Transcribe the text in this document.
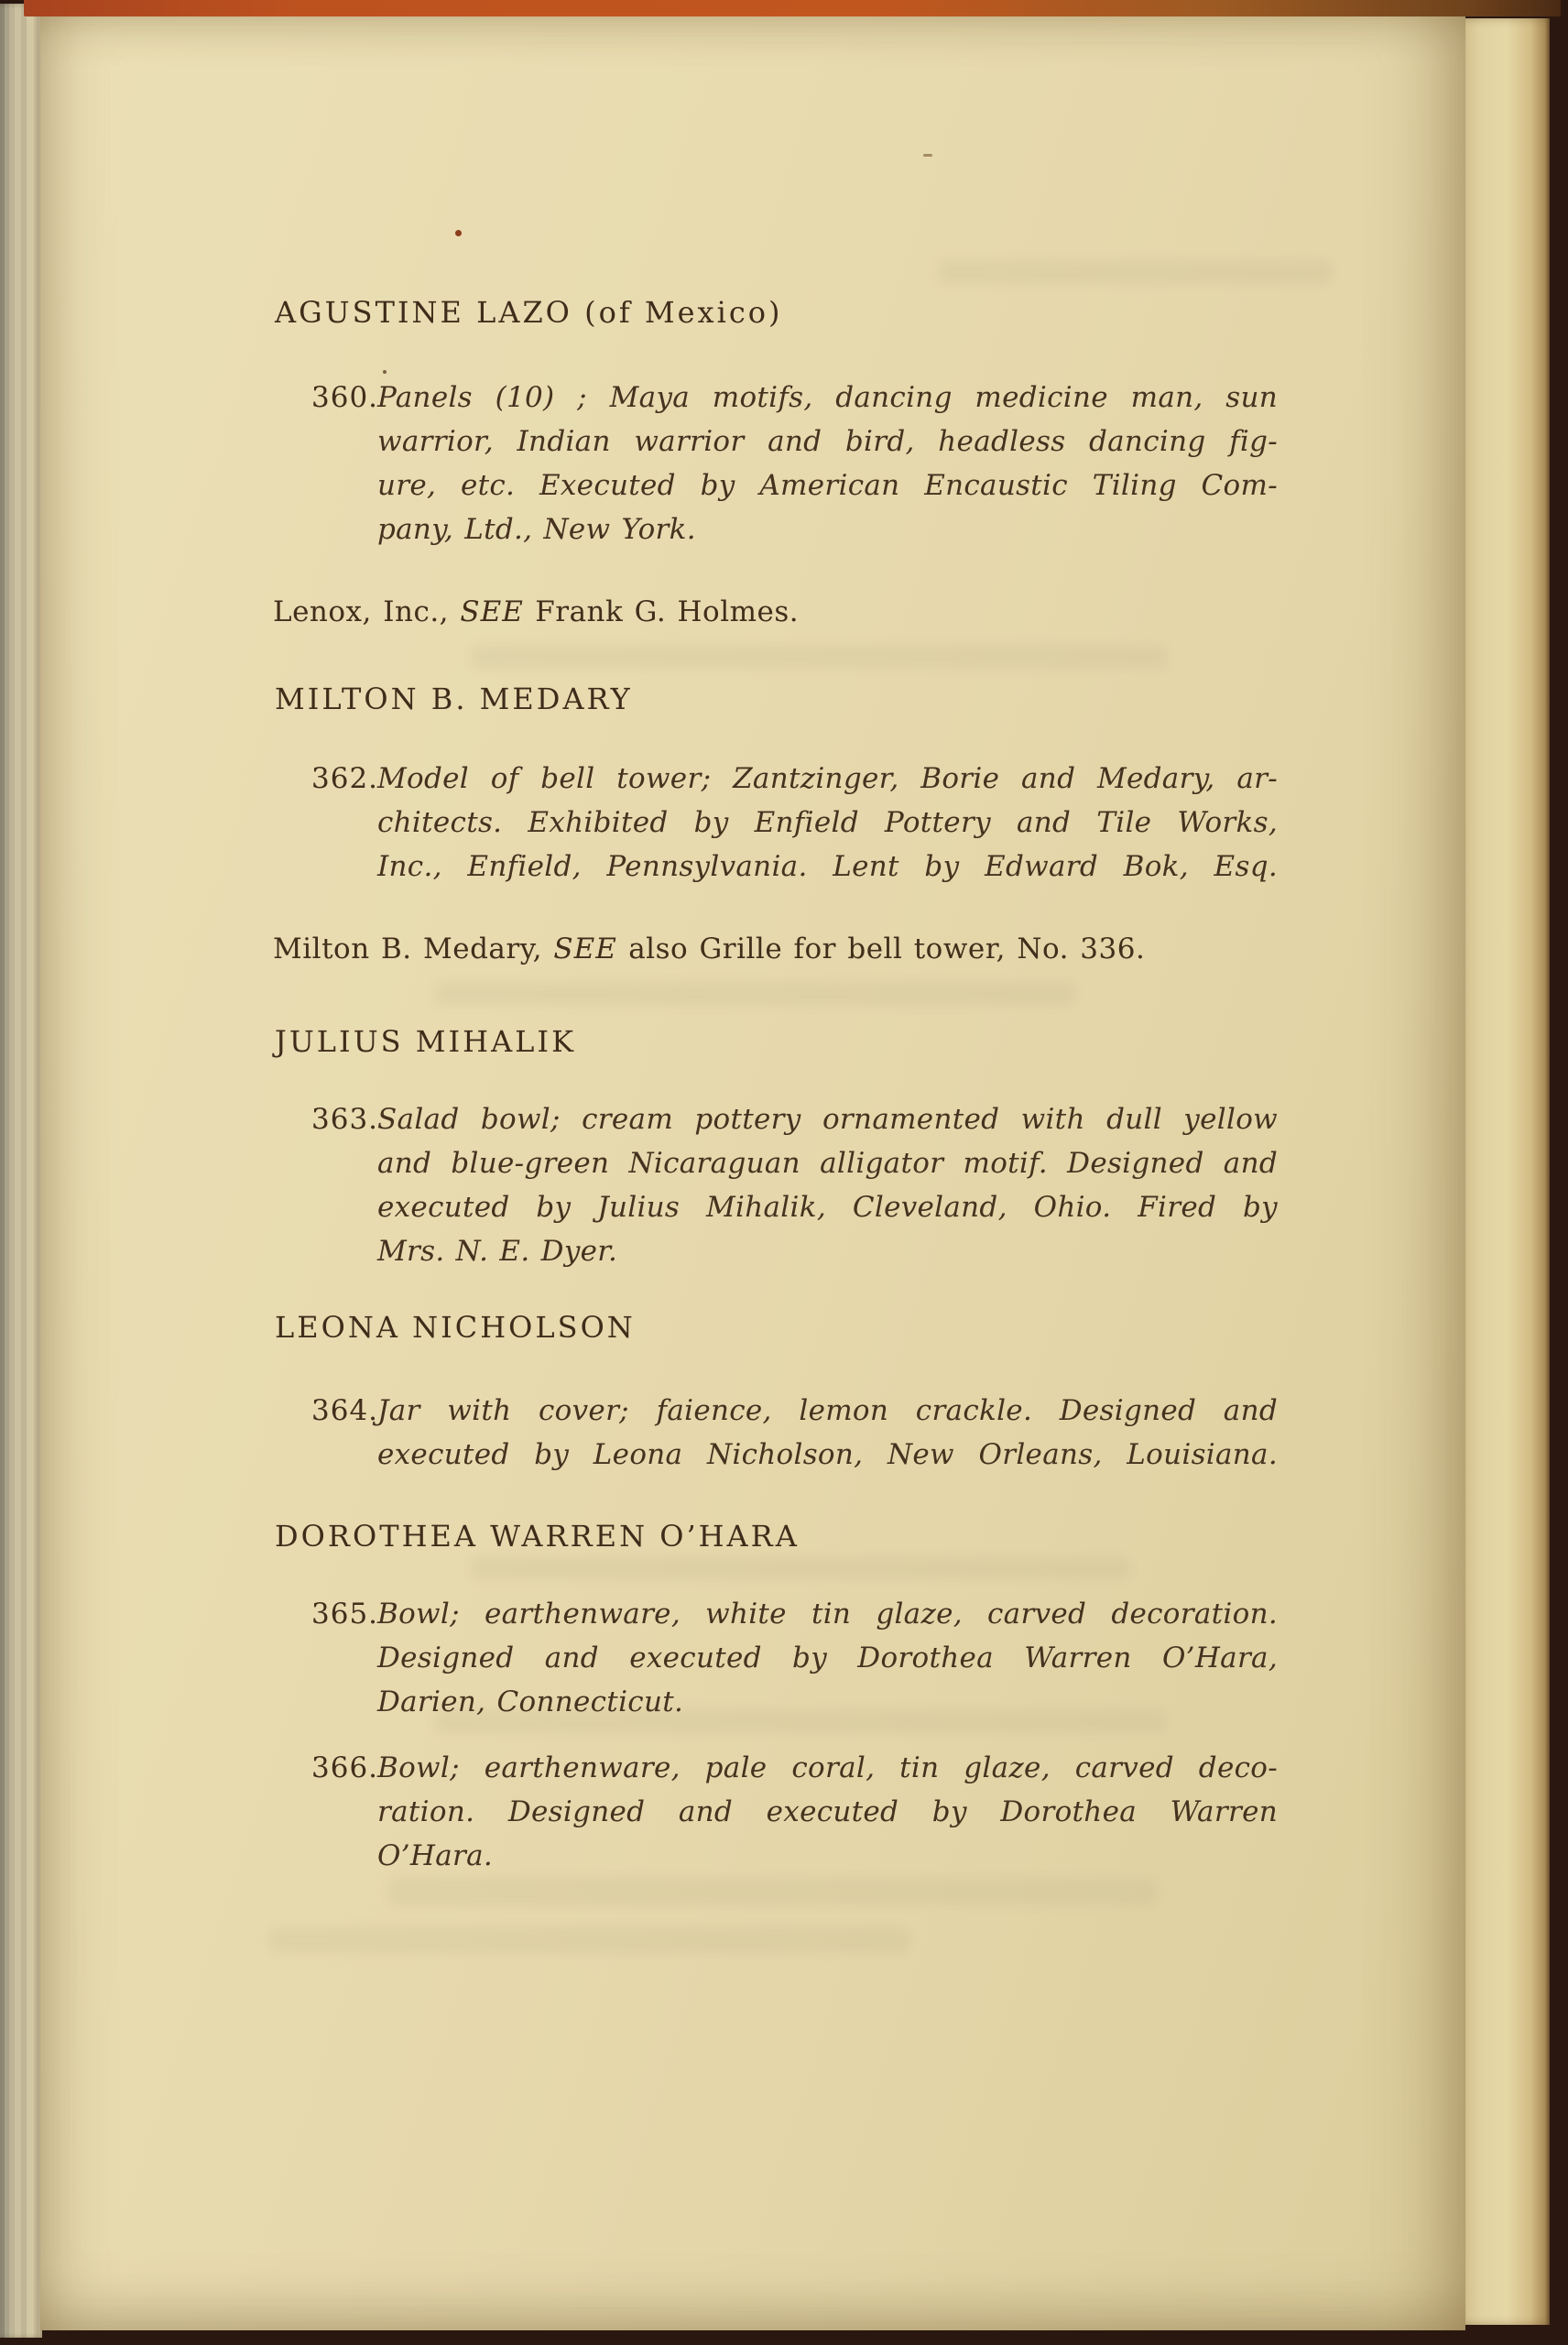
AGUSTINE LAZO (of Mexico)
360.
Panels (10) ; Maya motifs, dancing medicine man, sun
warrior, Indian warrior and bird, headless dancing fig-
ure, etc. Executed by American Encaustic Tiling Com-
pany, Ltd., New York.
Lenox, Inc., SEE Frank G. Holmes.
MILTON B. MEDARY
362.
Model of bell tower; Zantzinger, Borie and Medary, ar-
chitects. Exhibited by Enfield Pottery and Tile Works,
Inc., Enfield, Pennsylvania. Lent by Edward Bok, Esq.
Milton B. Medary, SEE also Grille for bell tower, No. 336.
JULIUS MIHALIK
363.
Salad bowl; cream pottery ornamented with dull yellow
and blue-green Nicaraguan alligator motif. Designed and
executed by Julius Mihalik, Cleveland, Ohio. Fired by
Mrs. N. E. Dyer.
LEONA NICHOLSON
364.
Jar with cover; faience, lemon crackle. Designed and
executed by Leona Nicholson, New Orleans, Louisiana.
DOROTHEA WARREN O’HARA
365.
Bowl; earthenware, white tin glaze, carved decoration.
Designed and executed by Dorothea Warren O’Hara,
Darien, Connecticut.
366.
Bowl; earthenware, pale coral, tin glaze, carved deco-
ration. Designed and executed by Dorothea Warren
O’Hara.
